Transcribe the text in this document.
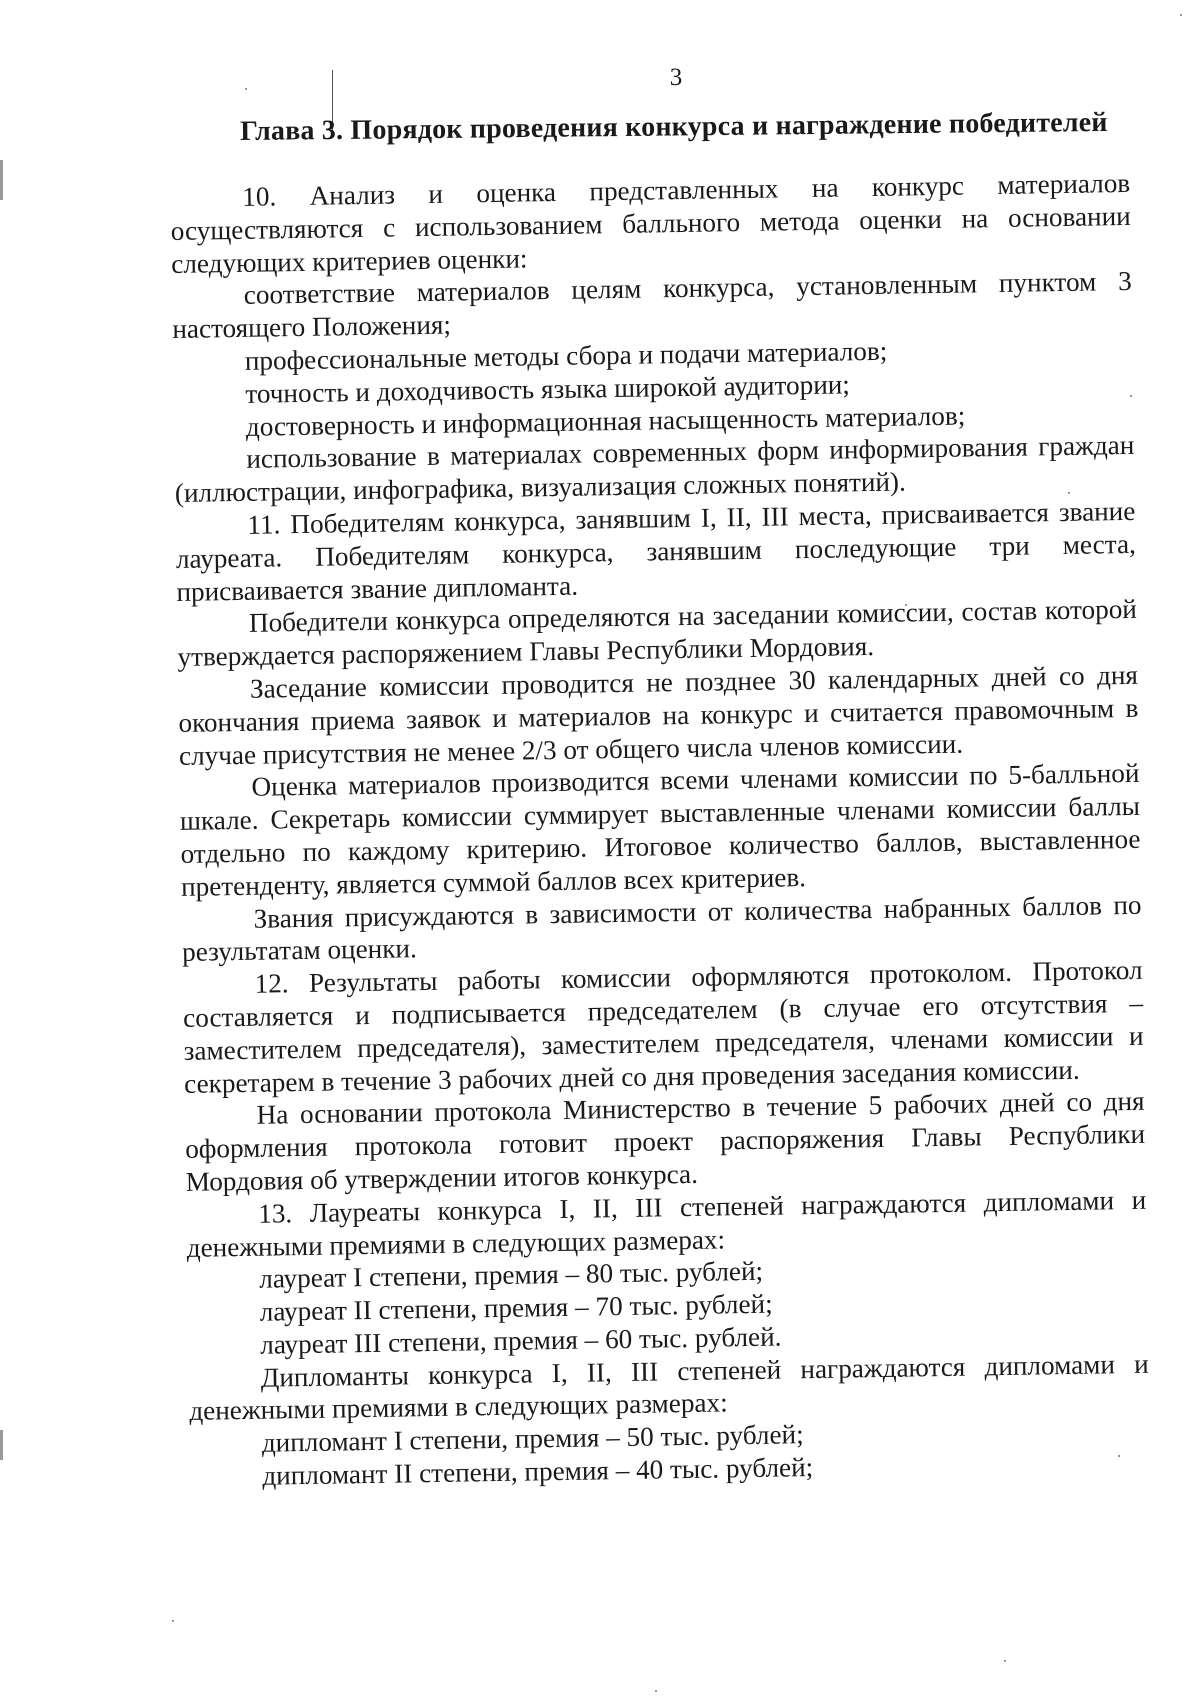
3
Глава 3. Порядок проведения конкурса и награждение победителей

10. Анализ и оценка представленных на конкурс материалов осуществляются с использованием балльного метода оценки на основании следующих критериев оценки:

соответствие материалов целям конкурса, установленным пунктом 3 настоящего Положения;

профессиональные методы сбора и подачи материалов;

точность и доходчивость языка широкой аудитории;

достоверность и информационная насыщенность материалов;

использование в материалах современных форм информирования граждан (иллюстрации, инфографика, визуализация сложных понятий).

11. Победителям конкурса, занявшим I, II, III места, присваивается звание лауреата. Победителям конкурса, занявшим последующие три места, присваивается звание дипломанта.

Победители конкурса определяются на заседании комиссии, состав которой утверждается распоряжением Главы Республики Мордовия.

Заседание комиссии проводится не позднее 30 календарных дней со дня окончания приема заявок и материалов на конкурс и считается правомочным в случае присутствия не менее 2/3 от общего числа членов комиссии.

Оценка материалов производится всеми членами комиссии по 5-балльной шкале. Секретарь комиссии суммирует выставленные членами комиссии баллы отдельно по каждому критерию. Итоговое количество баллов, выставленное претенденту, является суммой баллов всех критериев.

Звания присуждаются в зависимости от количества набранных баллов по результатам оценки.

12. Результаты работы комиссии оформляются протоколом. Протокол составляется и подписывается председателем (в случае его отсутствия – заместителем председателя), заместителем председателя, членами комиссии и секретарем в течение 3 рабочих дней со дня проведения заседания комиссии.

На основании протокола Министерство в течение 5 рабочих дней со дня оформления протокола готовит проект распоряжения Главы Республики Мордовия об утверждении итогов конкурса.

13. Лауреаты конкурса I, II, III степеней награждаются дипломами и денежными премиями в следующих размерах:

лауреат I степени, премия – 80 тыс. рублей;

лауреат II степени, премия – 70 тыс. рублей;

лауреат III степени, премия – 60 тыс. рублей.

Дипломанты конкурса I, II, III степеней награждаются дипломами и денежными премиями в следующих размерах:

дипломант I степени, премия – 50 тыс. рублей;

дипломант II степени, премия – 40 тыс. рублей;
